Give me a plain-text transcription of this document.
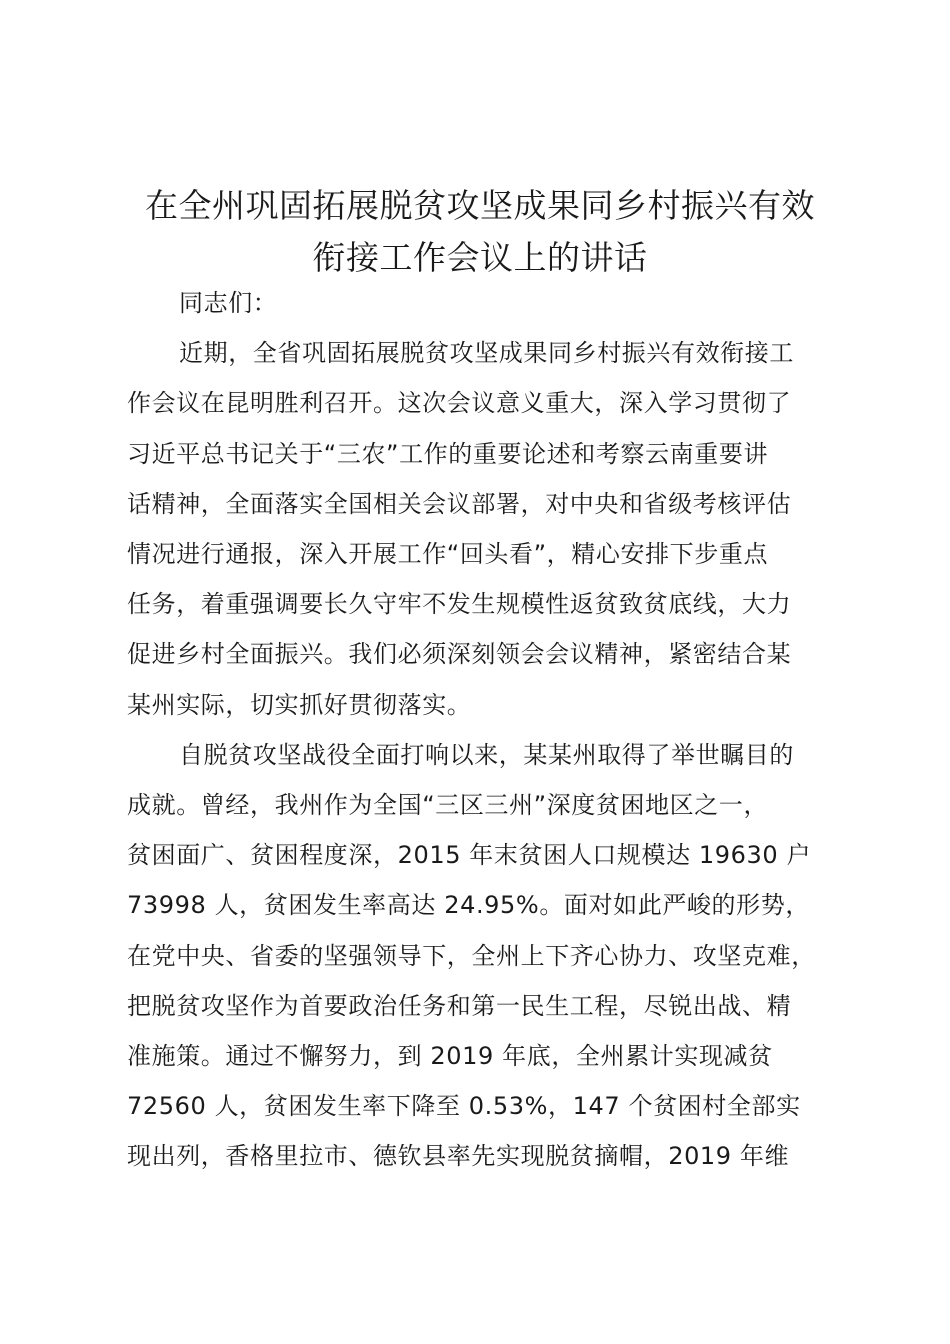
在全州巩固拓展脱贫攻坚成果同乡村振兴有效
衔接工作会议上的讲话

同志们：

近期，全省巩固拓展脱贫攻坚成果同乡村振兴有效衔接工
作会议在昆明胜利召开。这次会议意义重大，深入学习贯彻了
习近平总书记关于“三农”工作的重要论述和考察云南重要讲
话精神，全面落实全国相关会议部署，对中央和省级考核评估
情况进行通报，深入开展工作“回头看”，精心安排下步重点
任务，着重强调要长久守牢不发生规模性返贫致贫底线，大力
促进乡村全面振兴。我们必须深刻领会会议精神，紧密结合某
某州实际，切实抓好贯彻落实。

自脱贫攻坚战役全面打响以来，某某州取得了举世瞩目的
成就。曾经，我州作为全国“三区三州”深度贫困地区之一，
贫困面广、贫困程度深，2015 年末贫困人口规模达 19630 户
73998 人，贫困发生率高达 24.95%。面对如此严峻的形势，
在党中央、省委的坚强领导下，全州上下齐心协力、攻坚克难，
把脱贫攻坚作为首要政治任务和第一民生工程，尽锐出战、精
准施策。通过不懈努力，到 2019 年底，全州累计实现减贫
72560 人，贫困发生率下降至 0.53%，147 个贫困村全部实
现出列，香格里拉市、德钦县率先实现脱贫摘帽，2019 年维
